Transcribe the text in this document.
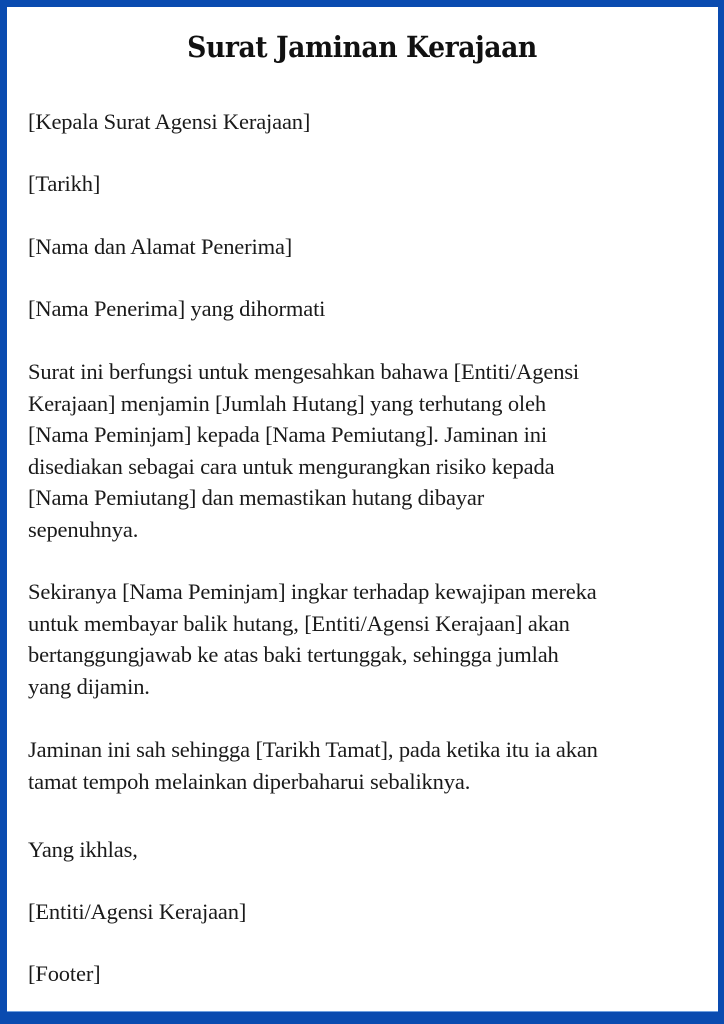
Surat Jaminan Kerajaan
[Kepala Surat Agensi Kerajaan]
[Tarikh]
[Nama dan Alamat Penerima]
[Nama Penerima] yang dihormati
Surat ini berfungsi untuk mengesahkan bahawa [Entiti/Agensi
Kerajaan] menjamin [Jumlah Hutang] yang terhutang oleh
[Nama Peminjam] kepada [Nama Pemiutang]. Jaminan ini
disediakan sebagai cara untuk mengurangkan risiko kepada
[Nama Pemiutang] dan memastikan hutang dibayar
sepenuhnya.
Sekiranya [Nama Peminjam] ingkar terhadap kewajipan mereka
untuk membayar balik hutang, [Entiti/Agensi Kerajaan] akan
bertanggungjawab ke atas baki tertunggak, sehingga jumlah
yang dijamin.
Jaminan ini sah sehingga [Tarikh Tamat], pada ketika itu ia akan
tamat tempoh melainkan diperbaharui sebaliknya.
Yang ikhlas,
[Entiti/Agensi Kerajaan]
[Footer]
